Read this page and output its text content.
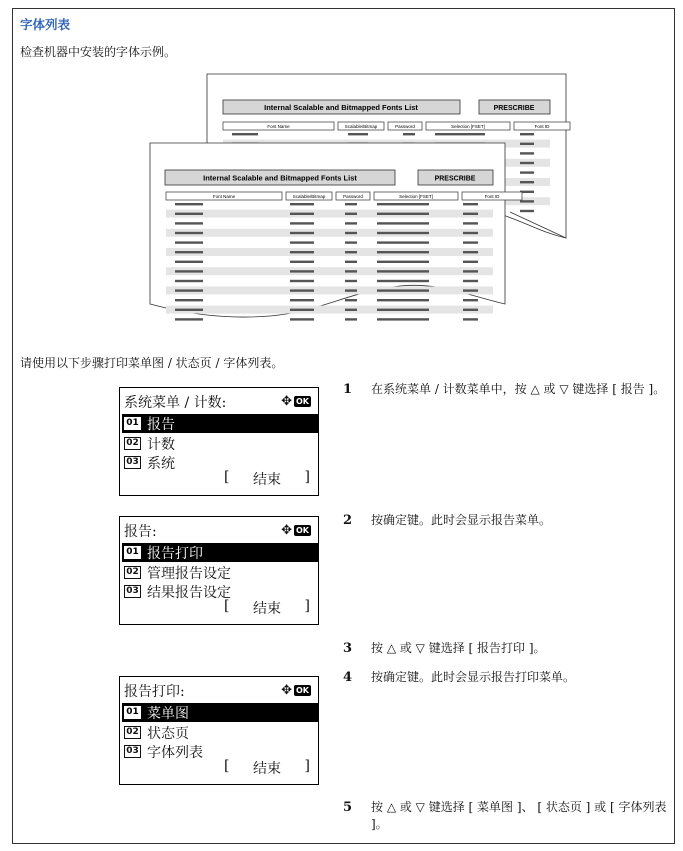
字体列表
检查机器中安装的字体示例。
Internal Scalable and Bitmapped Fonts List	PRESCRIBE
Font Name	Scalable/Bitmap	Password	Selection [FSET]	Font ID
Internal Scalable and Bitmapped Fonts List	PRESCRIBE
Font Name	Scalable/Bitmap	Password	Selection [FSET]	Font ID
请使用以下步骤打印菜单图 / 状态页 / 字体列表。
系统菜单 / 计数:	✥ OK
01 报告
02 计数
03 系统
[ 结束 ]
报告:	✥ OK
01 报告打印
02 管理报告设定
03 结果报告设定
[ 结束 ]
报告打印:	✥ OK
01 菜单图
02 状态页
03 字体列表
[ 结束 ]
1	在系统菜单 / 计数菜单中，按 △ 或 ▽ 键选择 [ 报告 ]。
2	按确定键。此时会显示报告菜单。
3	按 △ 或 ▽ 键选择 [ 报告打印 ]。
4	按确定键。此时会显示报告打印菜单。
5	按 △ 或 ▽ 键选择 [ 菜单图 ]、 [ 状态页 ] 或 [ 字体列表 ]。
